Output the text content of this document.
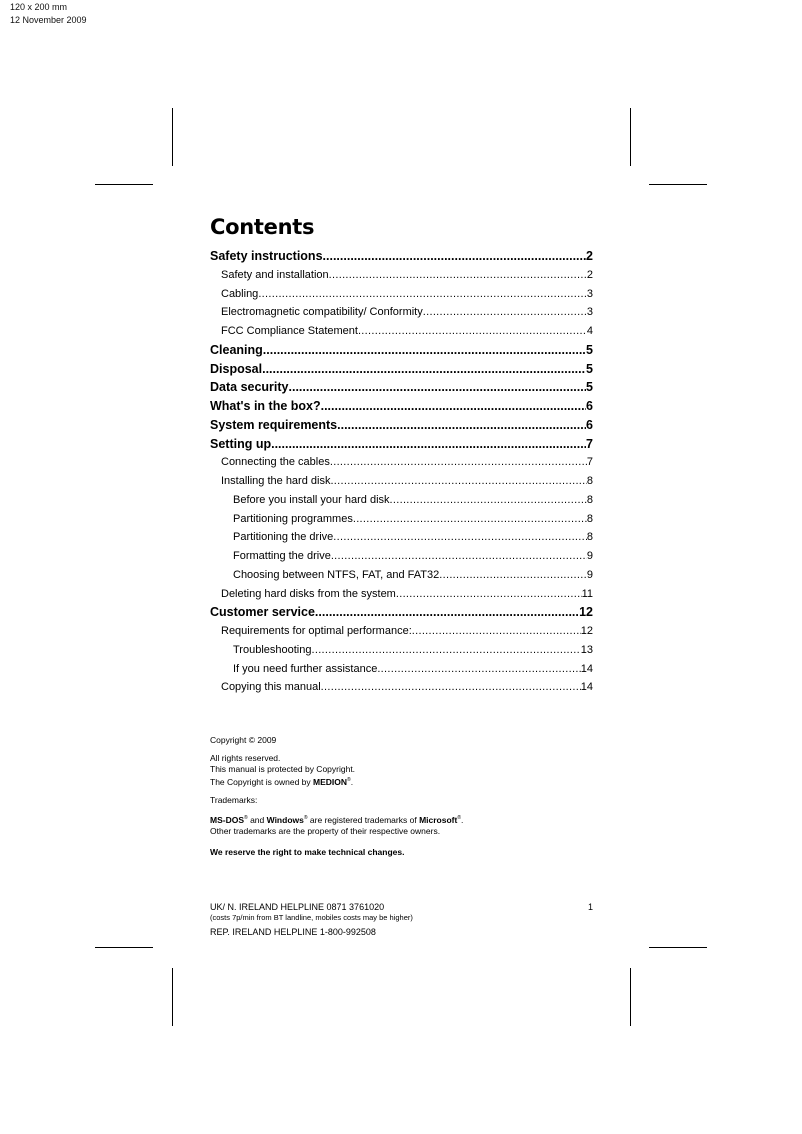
120 x 200 mm
12 November 2009
Contents
Safety instructions .....	2
Safety and installation .....	2
Cabling .....	3
Electromagnetic compatibility/ Conformity .....	3
FCC Compliance Statement .....	4
Cleaning .....	5
Disposal .....	5
Data security .....	5
What's in the box? .....	6
System requirements .....	6
Setting up .....	7
Connecting the cables .....	7
Installing the hard disk .....	8
Before you install your hard disk .....	8
Partitioning programmes .....	8
Partitioning the drive .....	8
Formatting the drive .....	9
Choosing between NTFS, FAT, and FAT32 .....	9
Deleting hard disks from the system .....	11
Customer service .....	12
Requirements for optimal performance: .....	12
Troubleshooting .....	13
If you need further assistance .....	14
Copying this manual .....	14

Copyright © 2009

All rights reserved.

This manual is protected by Copyright.

The Copyright is owned by MEDION®.

Trademarks:

MS-DOS® and Windows® are registered trademarks of Microsoft®.

Other trademarks are the property of their respective owners.

We reserve the right to make technical changes.
UK/ N. IRELAND HELPLINE 0871 3761020	1
(costs 7p/min from BT landline, mobiles costs may be higher)
REP. IRELAND HELPLINE 1-800-992508
